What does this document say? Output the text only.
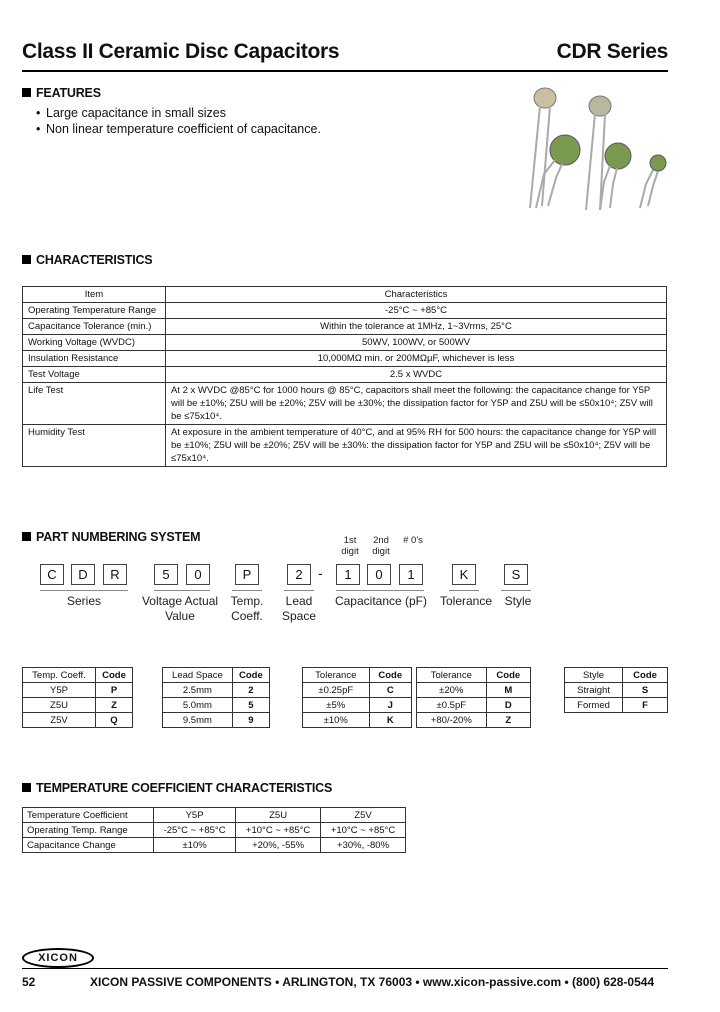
Class II Ceramic Disc Capacitors	CDR Series
FEATURES
• Large capacitance in small sizes
• Non linear temperature coefficient of capacitance.
CHARACTERISTICS
Item	Characteristics
Operating Temperature Range	-25°C ~ +85°C
Capacitance Tolerance (min.)	Within the tolerance at 1MHz, 1~3Vrms, 25°C
Working Voltage (WVDC)	50WV, 100WV, or 500WV
Insulation Resistance	10,000MΩ min. or 200MΩµF, whichever is less
Test Voltage	2.5 x WVDC
Life Test	At 2 x WVDC @85°C for 1000 hours @ 85°C, capacitors shall meet the following: the capacitance change for Y5P will be ±10%; Z5U will be ±20%; Z5V will be ±30%; the dissipation factor for Y5P and Z5U will be ≤50x10⁴; Z5V will be ≤75x10⁴.
Humidity Test	At exposure in the ambient temperature of 40°C, and at 95% RH for 500 hours: the capacitance change for Y5P will be ±10%; Z5U will be ±20%; Z5V will be ±30%: the dissipation factor for Y5P and Z5U will be ≤50x10⁴; Z5V will be ≤75x10⁴.
PART NUMBERING SYSTEM	1st digit
2nd digit
# 0's
C	D	R	5	0	P	2	-	1	0	1	K	S
Series	Voltage Actual Value
Temp. Coeff.
Lead Space
Capacitance (pF)	Tolerance	Style
Temp. Coeff.	Code
Y5P	P
Z5U	Z
Z5V	Q
Lead Space	Code
2.5mm	2
5.0mm	5
9.5mm	9
Tolerance	Code
±0.25pF	C
±5%	J
±10%	K
Tolerance	Code
±20%	M
±0.5pF	D
+80/-20%	Z
Style	Code
Straight	S
Formed	F
TEMPERATURE COEFFICIENT CHARACTERISTICS
Temperature Coefficient	Y5P	Z5U	Z5V
Operating Temp. Range	-25°C ~ +85°C	+10°C ~ +85°C	+10°C ~ +85°C
Capacitance Change	±10%	+20%, -55%	+30%, -80%
XICON
52	XICON PASSIVE COMPONENTS • ARLINGTON, TX 76003 • www.xicon-passive.com • (800) 628-0544
